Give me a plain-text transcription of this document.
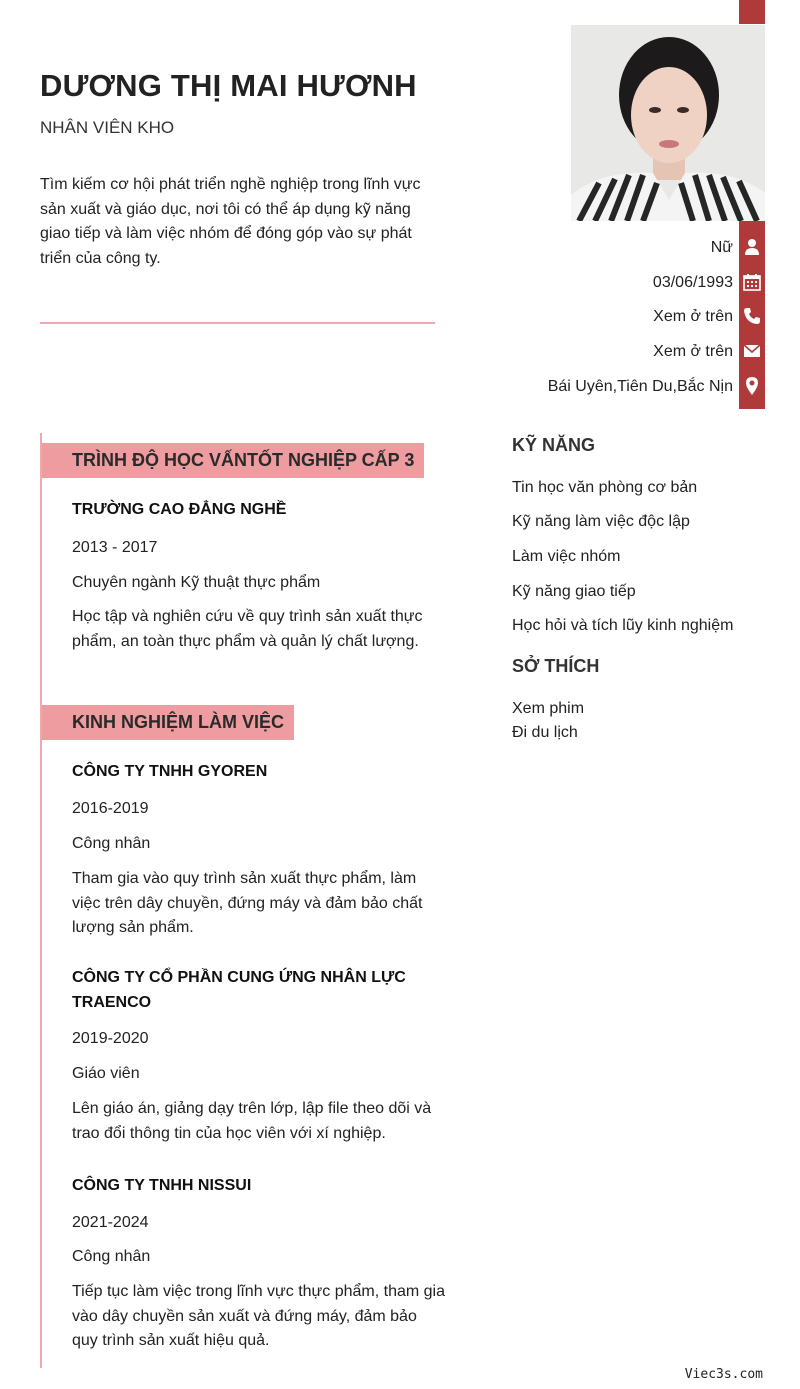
DƯƠNG THỊ MAI HƯƠNH
NHÂN VIÊN KHO
Tìm kiếm cơ hội phát triển nghề nghiệp trong lĩnh vực sản xuất và giáo dục, nơi tôi có thể áp dụng kỹ năng giao tiếp và làm việc nhóm để đóng góp vào sự phát triển của công ty.
Nữ
03/06/1993
Xem ở trên
Xem ở trên
Bái Uyên,Tiên Du,Bắc Nịn
TRÌNH ĐỘ HỌC VẤNTỐT NGHIỆP CẤP 3
TRƯỜNG CAO ĐẲNG NGHỀ
2013 - 2017
Chuyên ngành Kỹ thuật thực phẩm
Học tập và nghiên cứu về quy trình sản xuất thực phẩm, an toàn thực phẩm và quản lý chất lượng.
KINH NGHIỆM LÀM VIỆC
CÔNG TY TNHH GYOREN
2016-2019
Công nhân
Tham gia vào quy trình sản xuất thực phẩm, làm việc trên dây chuyền, đứng máy và đảm bảo chất lượng sản phẩm.
CÔNG TY CỔ PHẦN CUNG ỨNG NHÂN LỰC TRAENCO
2019-2020
Giáo viên
Lên giáo án, giảng dạy trên lớp, lập file theo dõi và trao đổi thông tin của học viên với xí nghiệp.
CÔNG TY TNHH NISSUI
2021-2024
Công nhân
Tiếp tục làm việc trong lĩnh vực thực phẩm, tham gia vào dây chuyền sản xuất và đứng máy, đảm bảo quy trình sản xuất hiệu quả.
KỸ NĂNG
Tin học văn phòng cơ bản
Kỹ năng làm việc độc lập
Làm việc nhóm
Kỹ năng giao tiếp
Học hỏi và tích lũy kinh nghiệm
SỞ THÍCH
Xem phim
Đi du lịch
Viec3s.com
